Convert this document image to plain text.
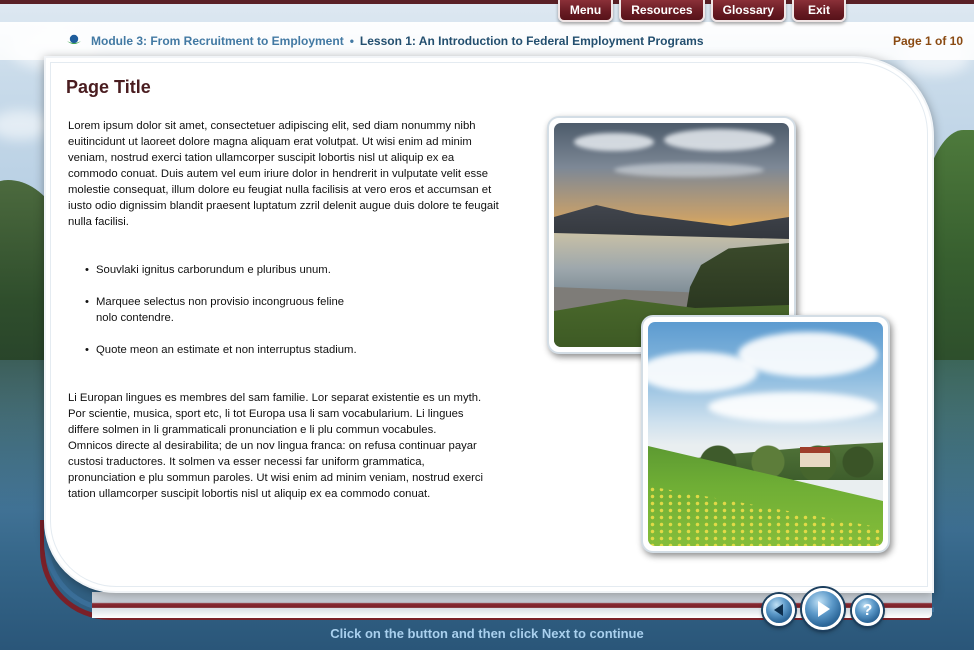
Menu	Resources	Glossary	Exit
Module 3: From Recruitment to Employment • Lesson 1: An Introduction to Federal Employment Programs	Page 1 of 10
Page Title

Lorem ipsum dolor sit amet, consectetuer adipiscing elit, sed diam nonummy nibh euitincidunt ut laoreet dolore magna aliquam erat volutpat. Ut wisi enim ad minim veniam, nostrud exerci tation ullamcorper suscipit lobortis nisl ut aliquip ex ea commodo conuat. Duis autem vel eum iriure dolor in hendrerit in vulputate velit esse molestie consequat, illum dolore eu feugiat nulla facilisis at vero eros et accumsan et iusto odio dignissim blandit praesent luptatum zzril delenit augue duis dolore te feugait nulla facilisi.

• Souvlaki ignitus carborundum e pluribus unum.
• Marquee selectus non provisio incongruous feline nolo contendre.
• Quote meon an estimate et non interruptus stadium.

Li Europan lingues es membres del sam familie. Lor separat existentie es un myth. Por scientie, musica, sport etc, li tot Europa usa li sam vocabularium. Li lingues differe solmen in li grammaticali pronunciation e li plu commun vocabules. Omnicos directe al desirabilita; de un nov lingua franca: on refusa continuar payar custosi traductores. It solmen va esser necessi far uniform grammatica, pronunciation e plu sommun paroles. Ut wisi enim ad minim veniam, nostrud exerci tation ullamcorper suscipit lobortis nisl ut aliquip ex ea commodo conuat.

?
Click on the button and then click Next to continue
